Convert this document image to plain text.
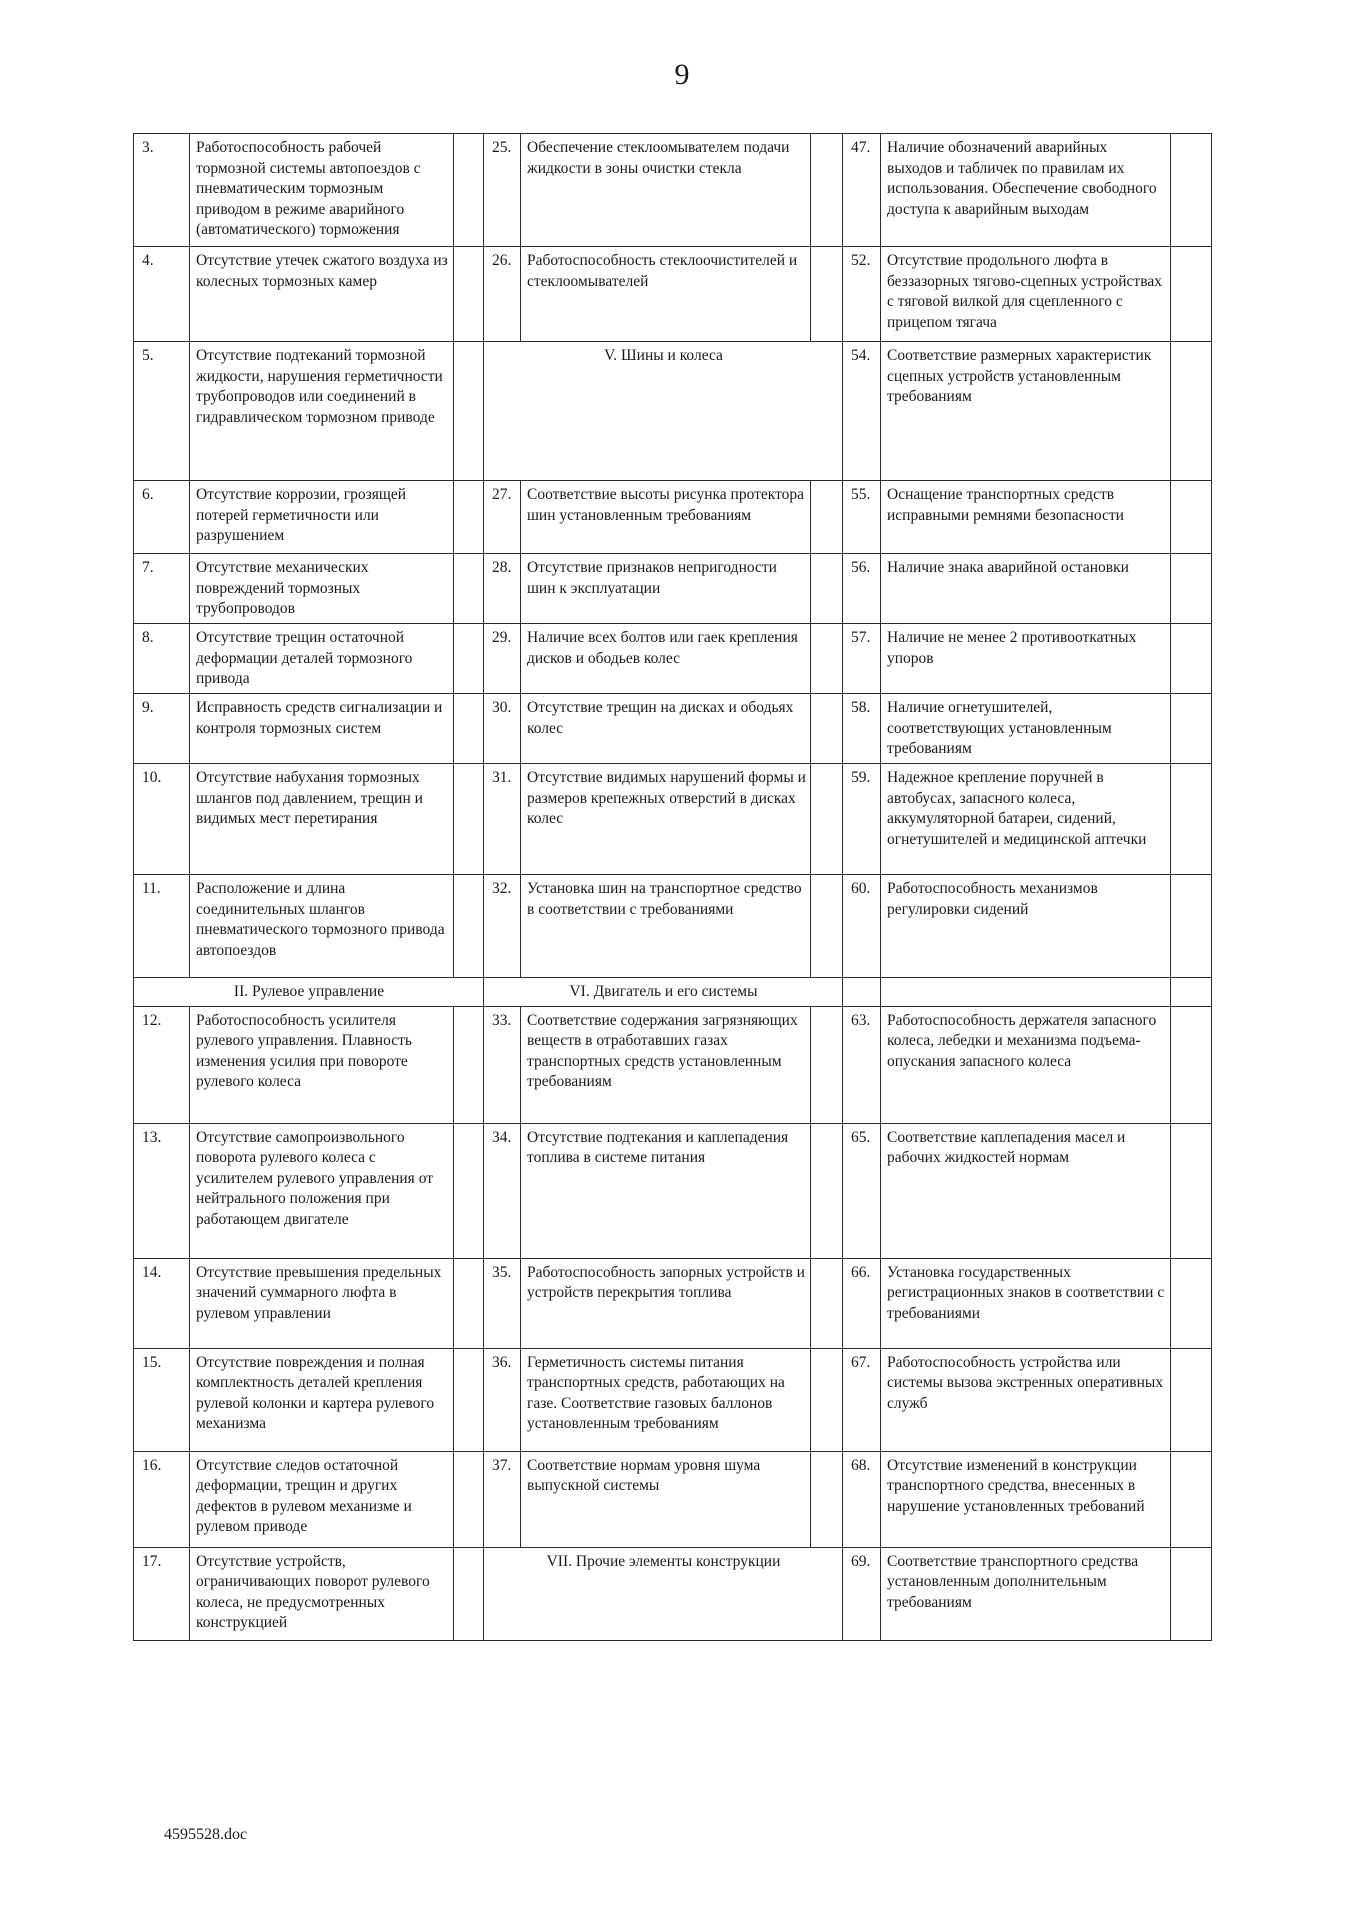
9
3.	Работоспособность рабочей тормозной системы автопоездов с пневматическим тормозным приводом в режиме аварийного (автоматического) торможения		25.	Обеспечение стеклоомывателем подачи жидкости в зоны очистки стекла		47.	Наличие обозначений аварийных выходов и табличек по правилам их использования. Обеспечение свободного доступа к аварийным выходам	
4.	Отсутствие утечек сжатого воздуха из колесных тормозных камер		26.	Работоспособность стеклоочистителей и стеклоомывателей		52.	Отсутствие продольного люфта в беззазорных тягово-сцепных устройствах с тяговой вилкой для сцепленного с прицепом тягача	
5.	Отсутствие подтеканий тормозной жидкости, нарушения герметичности трубопроводов или соединений в гидравлическом тормозном приводе		V. Шины и колеса			54.	Соответствие размерных характеристик сцепных устройств установленным требованиям	
6.	Отсутствие коррозии, грозящей потерей герметичности или разрушением		27.	Соответствие высоты рисунка протектора шин установленным требованиям		55.	Оснащение транспортных средств исправными ремнями безопасности	
7.	Отсутствие механических повреждений тормозных трубопроводов		28.	Отсутствие признаков непригодности шин к эксплуатации		56.	Наличие знака аварийной остановки	
8.	Отсутствие трещин остаточной деформации деталей тормозного привода		29.	Наличие всех болтов или гаек крепления дисков и ободьев колес		57.	Наличие не менее 2 противооткатных упоров	
9.	Исправность средств сигнализации и контроля тормозных систем		30.	Отсутствие трещин на дисках и ободьях колес		58.	Наличие огнетушителей, соответствующих установленным требованиям	
10.	Отсутствие набухания тормозных шлангов под давлением, трещин и видимых мест перетирания		31.	Отсутствие видимых нарушений формы и размеров крепежных отверстий в дисках колес		59.	Надежное крепление поручней в автобусах, запасного колеса, аккумуляторной батареи, сидений, огнетушителей и медицинской аптечки	
11.	Расположение и длина соединительных шлангов пневматического тормозного привода автопоездов		32.	Установка шин на транспортное средство в соответствии с требованиями		60.	Работоспособность механизмов регулировки сидений	
II. Рулевое управление			VI. Двигатель и его системы					
12.	Работоспособность усилителя рулевого управления. Плавность изменения усилия при повороте рулевого колеса		33.	Соответствие содержания загрязняющих веществ в отработавших газах транспортных средств установленным требованиям		63.	Работоспособность держателя запасного колеса, лебедки и механизма подъема-опускания запасного колеса	
13.	Отсутствие самопроизвольного поворота рулевого колеса с усилителем рулевого управления от нейтрального положения при работающем двигателе		34.	Отсутствие подтекания и каплепадения топлива в системе питания		65.	Соответствие каплепадения масел и рабочих жидкостей нормам	
14.	Отсутствие превышения предельных значений суммарного люфта в рулевом управлении		35.	Работоспособность запорных устройств и устройств перекрытия топлива		66.	Установка государственных регистрационных знаков в соответствии с требованиями	
15.	Отсутствие повреждения и полная комплектность деталей крепления рулевой колонки и картера рулевого механизма		36.	Герметичность системы питания транспортных средств, работающих на газе. Соответствие газовых баллонов установленным требованиям		67.	Работоспособность устройства или системы вызова экстренных оперативных служб	
16.	Отсутствие следов остаточной деформации, трещин и других дефектов в рулевом механизме и рулевом приводе		37.	Соответствие нормам уровня шума выпускной системы		68.	Отсутствие изменений в конструкции транспортного средства, внесенных в нарушение установленных требований	
17.	Отсутствие устройств, ограничивающих поворот рулевого колеса, не предусмотренных конструкцией		VII. Прочие элементы конструкции			69.	Соответствие транспортного средства установленным дополнительным требованиям	
4595528.doc
